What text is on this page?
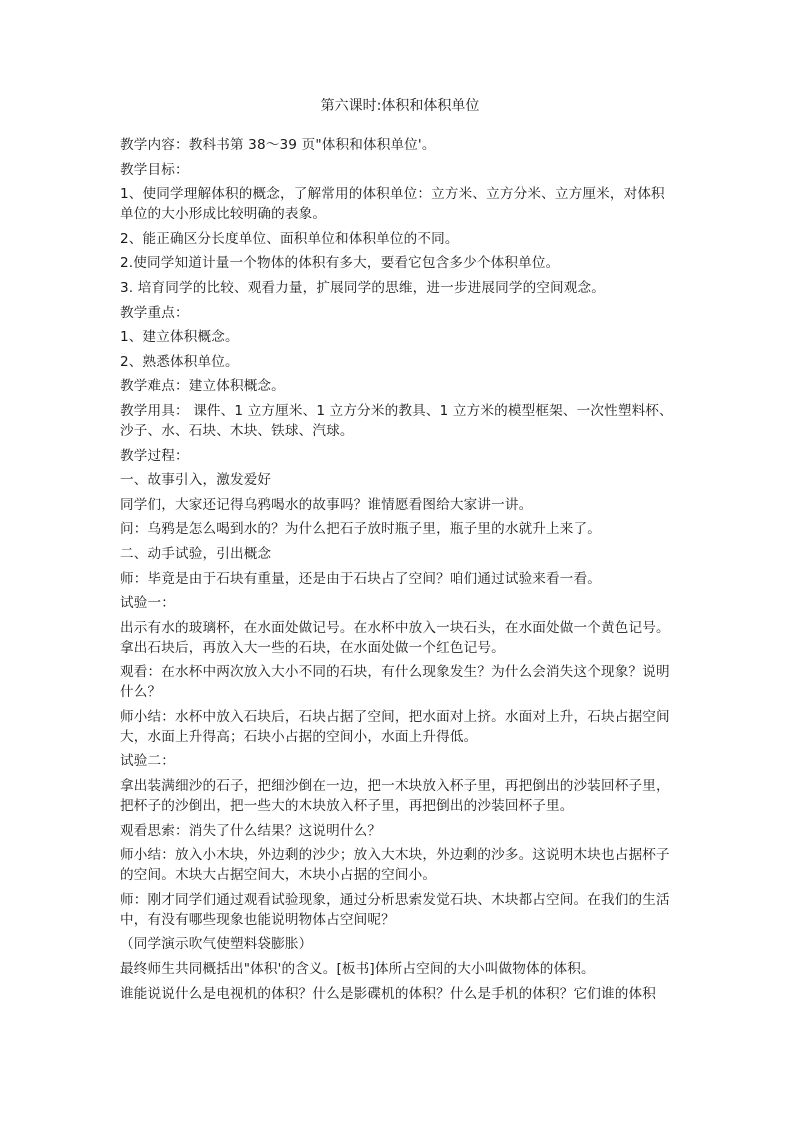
第六课时:体积和体积单位
教学内容：教科书第 38～39 页"体积和体积单位'。
教学目标：
1、使同学理解体积的概念，了解常用的体积单位：立方米、立方分米、立方厘米，对体积
单位的大小形成比较明确的表象。
2、能正确区分长度单位、面积单位和体积单位的不同。
2.使同学知道计量一个物体的体积有多大，要看它包含多少个体积单位。
3. 培育同学的比较、观看力量，扩展同学的思维，进一步进展同学的空间观念。
教学重点：
1、建立体积概念。
2、熟悉体积单位。
教学难点：建立体积概念。
教学用具： 课件、1 立方厘米、1 立方分米的教具、1 立方米的模型框架、一次性塑料杯、
沙子、水、石块、木块、铁球、汽球。
教学过程：
一、故事引入，激发爱好
同学们，大家还记得乌鸦喝水的故事吗？谁情愿看图给大家讲一讲。
问：乌鸦是怎么喝到水的？为什么把石子放时瓶子里，瓶子里的水就升上来了。
二、动手试验，引出概念
师：毕竟是由于石块有重量，还是由于石块占了空间？咱们通过试验来看一看。
试验一：
出示有水的玻璃杯，在水面处做记号。在水杯中放入一块石头，在水面处做一个黄色记号。
拿出石块后，再放入大一些的石块，在水面处做一个红色记号。
观看：在水杯中两次放入大小不同的石块，有什么现象发生？为什么会消失这个现象？说明
什么？
师小结：水杯中放入石块后，石块占据了空间，把水面对上挤。水面对上升，石块占据空间
大，水面上升得高；石块小占据的空间小，水面上升得低。
试验二：
拿出装满细沙的石子，把细沙倒在一边，把一木块放入杯子里，再把倒出的沙装回杯子里，
把杯子的沙倒出，把一些大的木块放入杯子里，再把倒出的沙装回杯子里。
观看思索：消失了什么结果？这说明什么？
师小结：放入小木块，外边剩的沙少；放入大木块，外边剩的沙多。这说明木块也占据杯子
的空间。木块大占据空间大，木块小占据的空间小。
师：刚才同学们通过观看试验现象，通过分析思索发觉石块、木块都占空间。在我们的生活
中，有没有哪些现象也能说明物体占空间呢？
（同学演示吹气使塑料袋膨胀）
最终师生共同概括出"体积'的含义。[板书]体所占空间的大小叫做物体的体积。
谁能说说什么是电视机的体积？什么是影碟机的体积？什么是手机的体积？它们谁的体积
